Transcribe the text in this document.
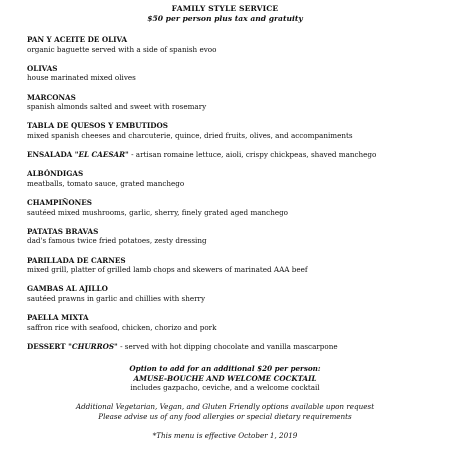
FAMILY STYLE SERVICE
$50 per person plus tax and gratuity
PAN Y ACEITE DE OLIVA
organic baguette served with a side of spanish evoo
OLIVAS
house marinated mixed olives
MARCONAS
spanish almonds salted and sweet with rosemary
TABLA DE QUESOS Y EMBUTIDOS
mixed spanish cheeses and charcuterie, quince, dried fruits, olives, and accompaniments
ENSALADA "EL CAESAR" - artisan romaine lettuce, aioli, crispy chickpeas, shaved manchego
ALBÓNDIGAS
meatballs, tomato sauce, grated manchego
CHAMPIÑONES
sautéed mixed mushrooms, garlic, sherry, finely grated aged manchego
PATATAS BRAVAS
dad's famous twice fried potatoes, zesty dressing
PARILLADA DE CARNES
mixed grill, platter of grilled lamb chops and skewers of marinated AAA beef
GAMBAS AL AJILLO
sautéed prawns in garlic and chillies with sherry
PAELLA MIXTA
saffron rice with seafood, chicken, chorizo and pork
DESSERT "CHURROS" - served with hot dipping chocolate and vanilla mascarpone
Option to add for an additional $20 per person:
AMUSE-BOUCHE AND WELCOME COCKTAIL
includes gazpacho, ceviche, and a welcome cocktail
Additional Vegetarian, Vegan, and Gluten Friendly options available upon request
Please advise us of any food allergies or special dietary requirements
*This menu is effective October 1, 2019
